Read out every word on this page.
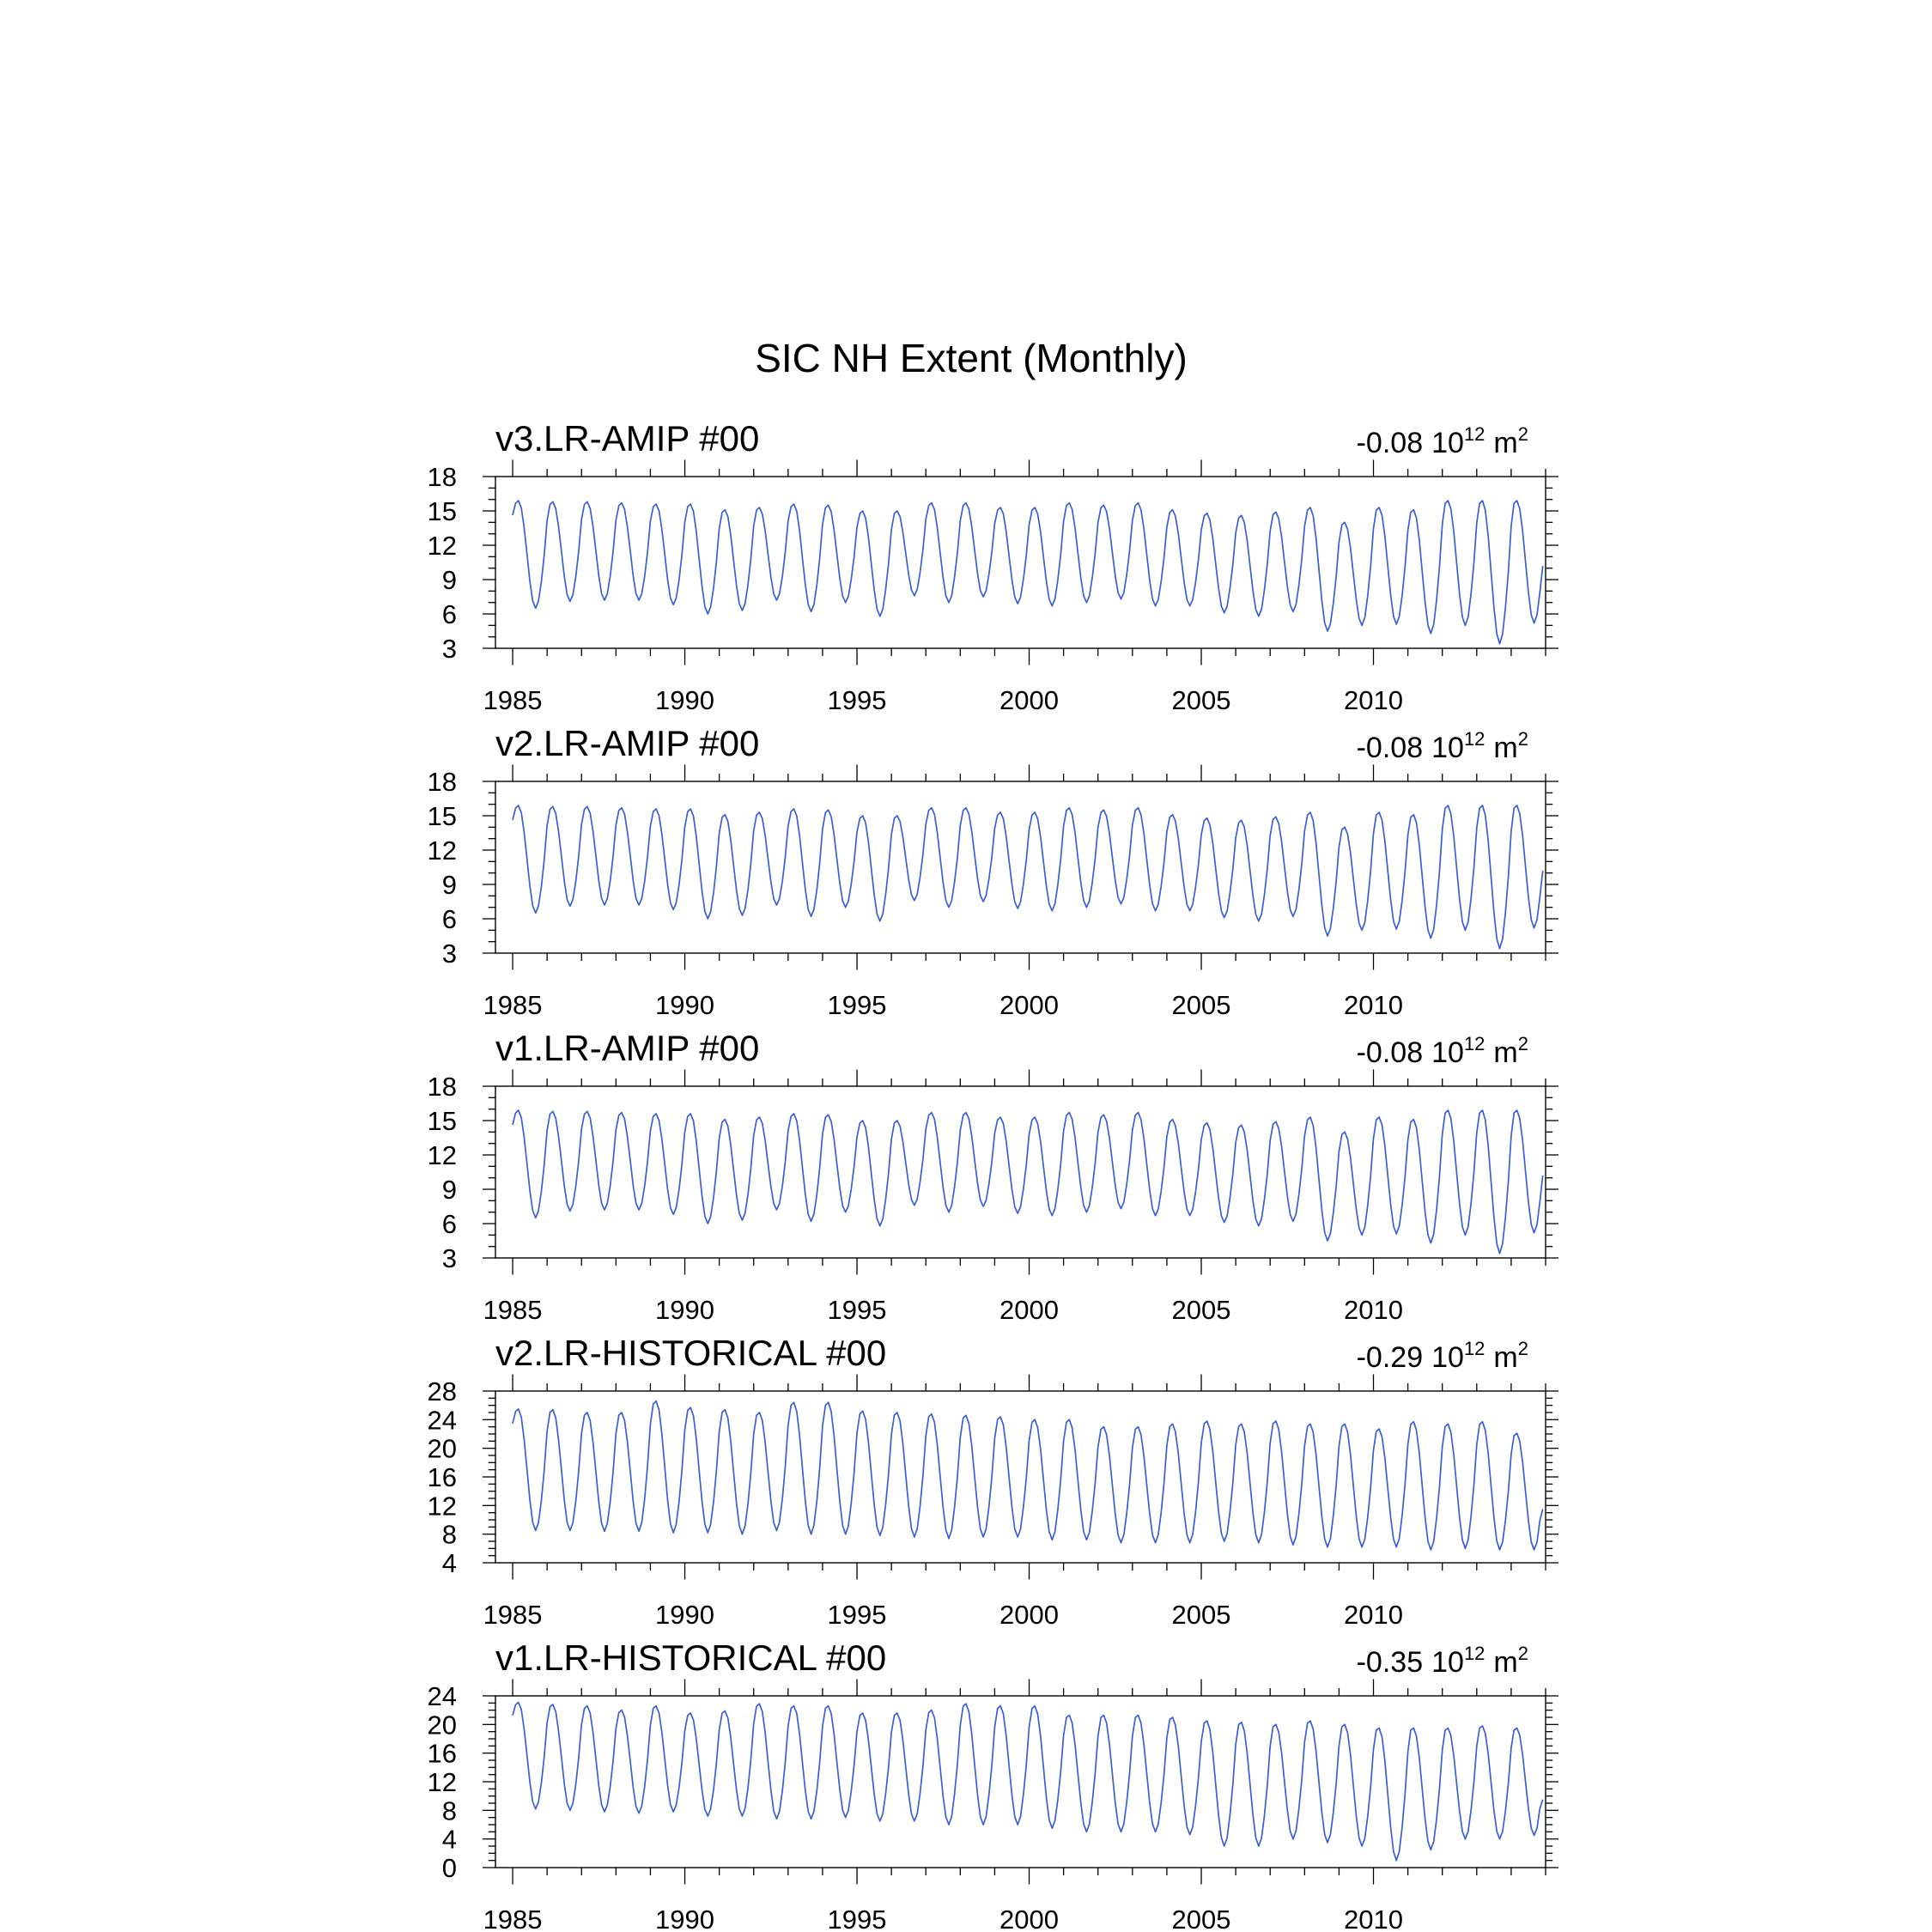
SIC NH Extent (Monthly)
v3.LR-AMIP #00	-0.08 $10^{12}$ $m^2$
3
6
9
12
15
18
1985	1990	1995	2000	2005	2010
v2.LR-AMIP #00	-0.08 $10^{12}$ $m^2$
3
6
9
12
15
18
1985	1990	1995	2000	2005	2010
v1.LR-AMIP #00	-0.08 $10^{12}$ $m^2$
3
6
9
12
15
18
1985	1990	1995	2000	2005	2010
v2.LR-HISTORICAL #00	-0.29 $10^{12}$ $m^2$
4
8
12
16
20
24
28
1985	1990	1995	2000	2005	2010
v1.LR-HISTORICAL #00	-0.35 $10^{12}$ $m^2$
0
4
8
12
16
20
24
1985	1990	1995	2000	2005	2010
